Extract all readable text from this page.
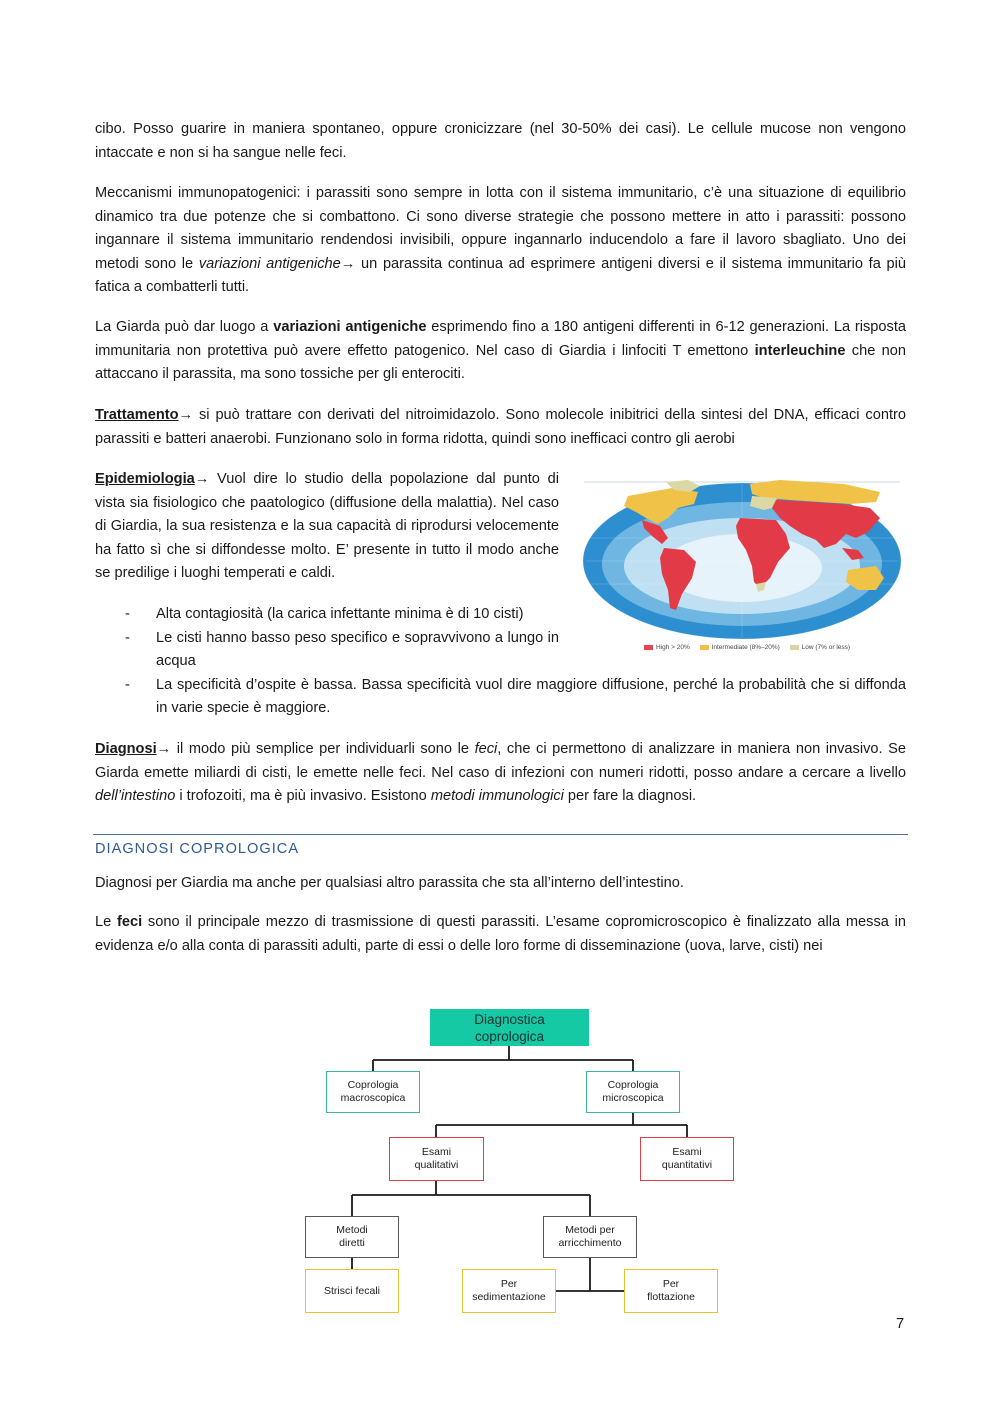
cibo. Posso guarire in maniera spontaneo, oppure cronicizzare (nel 30-50% dei casi). Le cellule mucose non vengono intaccate e non si ha sangue nelle feci.

Meccanismi immunopatogenici: i parassiti sono sempre in lotta con il sistema immunitario, c’è una situazione di equilibrio dinamico tra due potenze che si combattono. Ci sono diverse strategie che possono mettere in atto i parassiti: possono ingannare il sistema immunitario rendendosi invisibili, oppure ingannarlo inducendolo a fare il lavoro sbagliato. Uno dei metodi sono le variazioni antigeniche→ un parassita continua ad esprimere antigeni diversi e il sistema immunitario fa più fatica a combatterli tutti.

La Giarda può dar luogo a variazioni antigeniche esprimendo fino a 180 antigeni differenti in 6-12 generazioni. La risposta immunitaria non protettiva può avere effetto patogenico. Nel caso di Giardia i linfociti T emettono interleuchine che non attaccano il parassita, ma sono tossiche per gli enterociti.

Trattamento→ si può trattare con derivati del nitroimidazolo. Sono molecole inibitrici della sintesi del DNA, efficaci contro parassiti e batteri anaerobi. Funzionano solo in forma ridotta, quindi sono inefficaci contro gli aerobi

Epidemiologia→ Vuol dire lo studio della popolazione dal punto di vista sia fisiologico che paatologico (diffusione della malattia). Nel caso di Giardia, la sua resistenza e la sua capacità di riprodursi velocemente ha fatto sì che si diffondesse molto. E’ presente in tutto il modo anche se predilige i luoghi temperati e caldi.

High > 20%	Intermediate (8%–20%)	Low (7% or less)
- Alta contagiosità (la carica infettante minima è di 10 cisti)
- Le cisti hanno basso peso specifico e sopravvivono a lungo in acqua
- La specificità d’ospite è bassa. Bassa specificità vuol dire maggiore diffusione, perché la probabilità che si diffonda in varie specie è maggiore.

Diagnosi→ il modo più semplice per individuarli sono le feci, che ci permettono di analizzare in maniera non invasivo. Se Giarda emette miliardi di cisti, le emette nelle feci. Nel caso di infezioni con numeri ridotti, posso andare a cercare a livello dell’intestino i trofozoiti, ma è più invasivo. Esistono metodi immunologici per fare la diagnosi.

DIAGNOSI COPROLOGICA

Diagnosi per Giardia ma anche per qualsiasi altro parassita che sta all’interno dell’intestino.

Le feci sono il principale mezzo di trasmissione di questi parassiti. L’esame copromicroscopico è finalizzato alla messa in evidenza e/o alla conta di parassiti adulti, parte di essi o delle loro forme di disseminazione (uova, larve, cisti) nei

Diagnostica
coprologica
Coprologia
macroscopica
Coprologia
microscopica
Esami
qualitativi
Esami
quantitativi
Metodi
diretti
Metodi per
arricchimento
Strisci fecali
Per
sedimentazione
Per
flottazione

7
